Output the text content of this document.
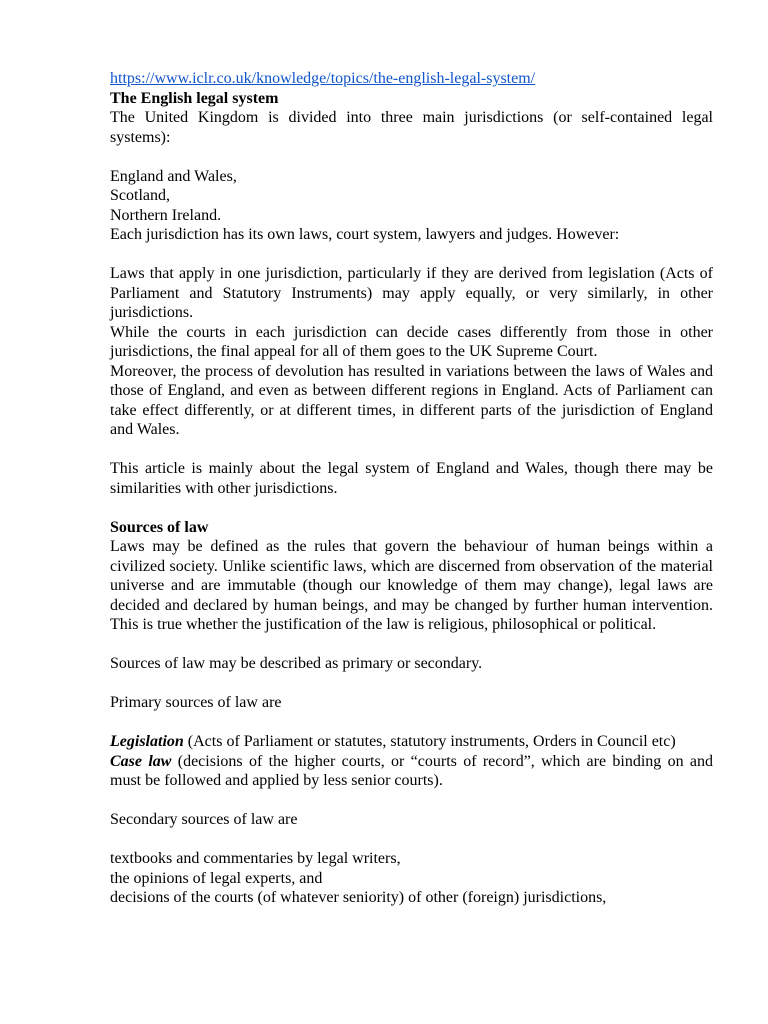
https://www.iclr.co.uk/knowledge/topics/the-english-legal-system/

The English legal system

The United Kingdom is divided into three main jurisdictions (or self-contained legal systems):

England and Wales,

Scotland,

Northern Ireland.

Each jurisdiction has its own laws, court system, lawyers and judges. However:

Laws that apply in one jurisdiction, particularly if they are derived from legislation (Acts of Parliament and Statutory Instruments) may apply equally, or very similarly, in other jurisdictions.

While the courts in each jurisdiction can decide cases differently from those in other jurisdictions, the final appeal for all of them goes to the UK Supreme Court.

Moreover, the process of devolution has resulted in variations between the laws of Wales and those of England, and even as between different regions in England. Acts of Parliament can take effect differently, or at different times, in different parts of the jurisdiction of England and Wales.

This article is mainly about the legal system of England and Wales, though there may be similarities with other jurisdictions.

Sources of law

Laws may be defined as the rules that govern the behaviour of human beings within a civilized society. Unlike scientific laws, which are discerned from observation of the material universe and are immutable (though our knowledge of them may change), legal laws are decided and declared by human beings, and may be changed by further human intervention. This is true whether the justification of the law is religious, philosophical or political.

Sources of law may be described as primary or secondary.

Primary sources of law are

Legislation (Acts of Parliament or statutes, statutory instruments, Orders in Council etc)

Case law (decisions of the higher courts, or “courts of record”, which are binding on and must be followed and applied by less senior courts).

Secondary sources of law are

textbooks and commentaries by legal writers,

the opinions of legal experts, and

decisions of the courts (of whatever seniority) of other (foreign) jurisdictions,
